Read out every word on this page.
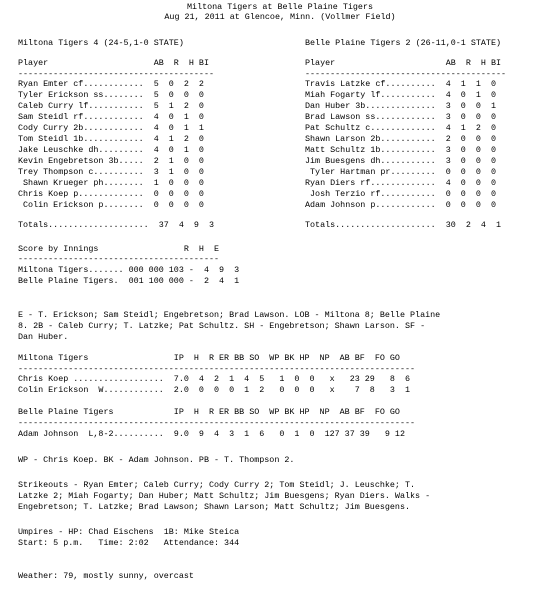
Miltona Tigers at Belle Plaine Tigers
Aug 21, 2011 at Glencoe, Minn. (Vollmer Field)
Miltona Tigers 4 (24-5,1-0 STATE)
Player                     AB  R  H BI
---------------------------------------
Ryan Emter cf............  5  0  2  2
Tyler Erickson ss........  5  0  0  0
Caleb Curry lf...........  5  1  2  0
Sam Steidl rf............  4  0  1  0
Cody Curry 2b............  4  0  1  1
Tom Steidl 1b............  4  1  2  0
Jake Leuschke dh.........  4  0  1  0
Kevin Engebretson 3b.....  2  1  0  0
Trey Thompson c..........  3  1  0  0
Shawn Krueger ph........  1  0  0  0
Chris Koep p.............  0  0  0  0
Colin Erickson p........  0  0  0  0
Totals....................  37  4  9  3
Belle Plaine Tigers 2 (26-11,0-1 STATE)
Player                      AB  R  H BI
----------------------------------------
Travis Latzke cf..........  4  1  1  0
Miah Fogarty lf...........  4  0  1  0
Dan Huber 3b..............  3  0  0  1
Brad Lawson ss............  3  0  0  0
Pat Schultz c.............  4  1  2  0
Shawn Larson 2b...........  2  0  0  0
Matt Schultz 1b...........  3  0  0  0
Jim Buesgens dh...........  3  0  0  0
Tyler Hartman pr.........  0  0  0  0
Ryan Diers rf.............  4  0  0  0
Josh Terzio rf...........  0  0  0  0
Adam Johnson p............  0  0  0  0
Totals....................  30  2  4  1
Score by Innings                 R  H  E
----------------------------------------
Miltona Tigers....... 000 000 103 -  4  9  3
Belle Plaine Tigers.  001 100 000 -  2  4  1
E - T. Erickson; Sam Steidl; Engebretson; Brad Lawson. LOB - Miltona 8; Belle Plaine
8. 2B - Caleb Curry; T. Latzke; Pat Schultz. SH - Engebretson; Shawn Larson. SF -
Dan Huber.
Miltona Tigers                 IP  H  R ER BB SO  WP BK HP  NP  AB BF  FO GO
-------------------------------------------------------------------------------
Chris Koep ..................  7.0  4  2  1  4  5   1  0  0   x   23 29   8  6
Colin Erickson  W............  2.0  0  0  0  1  2   0  0  0   x    7  8   3  1
Belle Plaine Tigers            IP  H  R ER BB SO  WP BK HP  NP  AB BF  FO GO
-------------------------------------------------------------------------------
Adam Johnson  L,8-2..........  9.0  9  4  3  1  6   0  1  0  127 37 39   9 12
WP - Chris Koep. BK - Adam Johnson. PB - T. Thompson 2.
Strikeouts - Ryan Emter; Caleb Curry; Cody Curry 2; Tom Steidl; J. Leuschke; T.
Latzke 2; Miah Fogarty; Dan Huber; Matt Schultz; Jim Buesgens; Ryan Diers. Walks -
Engebretson; T. Latzke; Brad Lawson; Shawn Larson; Matt Schultz; Jim Buesgens.
Umpires - HP: Chad Eischens  1B: Mike Steica
Start: 5 p.m.   Time: 2:02   Attendance: 344
Weather: 79, mostly sunny, overcast
